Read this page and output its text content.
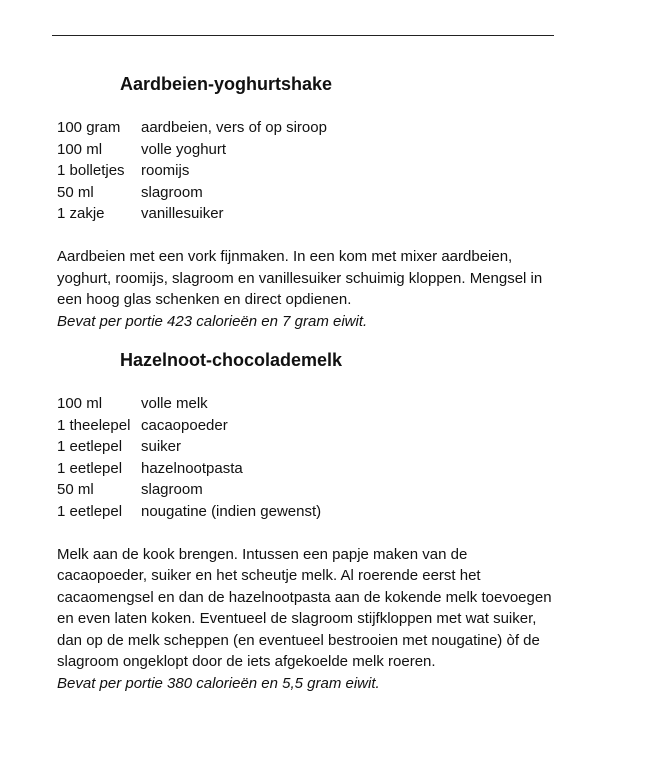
Aardbeien-yoghurtshake
100 gram	aardbeien, vers of op siroop
100 ml	volle yoghurt
1 bolletjes	roomijs
50 ml	slagroom
1 zakje	vanillesuiker
Aardbeien met een vork fijnmaken. In een kom met mixer aardbeien,
yoghurt, roomijs, slagroom en vanillesuiker schuimig kloppen. Mengsel in
een hoog glas schenken en direct opdienen.
Bevat per portie 423 calorieën en 7 gram eiwit.
Hazelnoot-chocolademelk
100 ml	volle melk
1 theelepel cacaopoeder
1 eetlepel	suiker
1 eetlepel	hazelnootpasta
50 ml	slagroom
1 eetlepel	nougatine (indien gewenst)
Melk aan de kook brengen. Intussen een papje maken van de
cacaopoeder, suiker en het scheutje melk. Al roerende eerst het
cacaomengsel en dan de hazelnootpasta aan de kokende melk toevoegen
en even laten koken. Eventueel de slagroom stijfkloppen met wat suiker,
dan op de melk scheppen (en eventueel bestrooien met nougatine) òf de
slagroom ongeklopt door de iets afgekoelde melk roeren.
Bevat per portie 380 calorieën en 5,5 gram eiwit.
